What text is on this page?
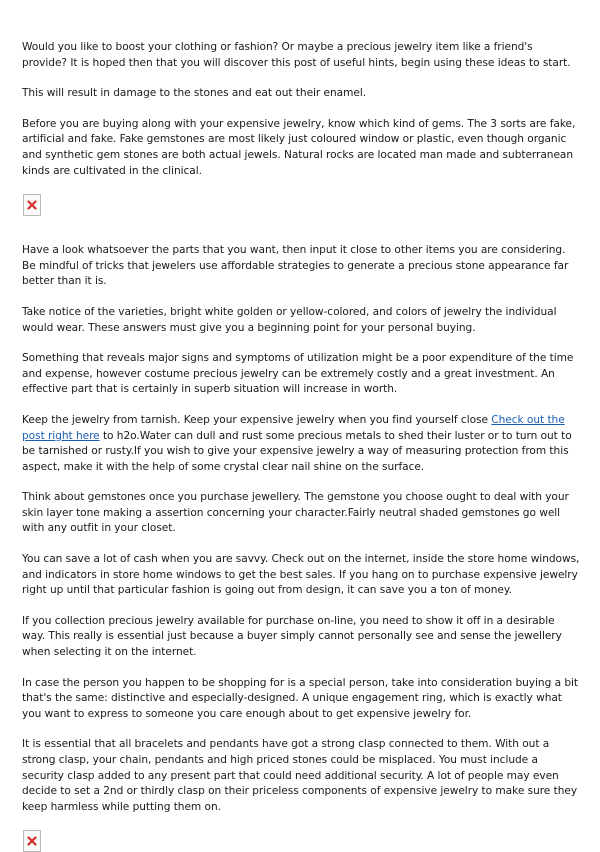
Would you like to boost your clothing or fashion? Or maybe a precious jewelry item like a friend's provide? It is hoped then that you will discover this post of useful hints, begin using these ideas to start.

This will result in damage to the stones and eat out their enamel.

Before you are buying along with your expensive jewelry, know which kind of gems. The 3 sorts are fake, artificial and fake. Fake gemstones are most likely just coloured window or plastic, even though organic and synthetic gem stones are both actual jewels. Natural rocks are located man made and subterranean kinds are cultivated in the clinical.

Have a look whatsoever the parts that you want, then input it close to other items you are considering. Be mindful of tricks that jewelers use affordable strategies to generate a precious stone appearance far better than it is.

Take notice of the varieties, bright white golden or yellow-colored, and colors of jewelry the individual would wear. These answers must give you a beginning point for your personal buying.

Something that reveals major signs and symptoms of utilization might be a poor expenditure of the time and expense, however costume precious jewelry can be extremely costly and a great investment. An effective part that is certainly in superb situation will increase in worth.

Keep the jewelry from tarnish. Keep your expensive jewelry when you find yourself close Check out the post right here to h2o.Water can dull and rust some precious metals to shed their luster or to turn out to be tarnished or rusty.If you wish to give your expensive jewelry a way of measuring protection from this aspect, make it with the help of some crystal clear nail shine on the surface.

Think about gemstones once you purchase jewellery. The gemstone you choose ought to deal with your skin layer tone making a assertion concerning your character.Fairly neutral shaded gemstones go well with any outfit in your closet.

You can save a lot of cash when you are savvy. Check out on the internet, inside the store home windows, and indicators in store home windows to get the best sales. If you hang on to purchase expensive jewelry right up until that particular fashion is going out from design, it can save you a ton of money.

If you collection precious jewelry available for purchase on-line, you need to show it off in a desirable way. This really is essential just because a buyer simply cannot personally see and sense the jewellery when selecting it on the internet.

In case the person you happen to be shopping for is a special person, take into consideration buying a bit that's the same: distinctive and especially-designed. A unique engagement ring, which is exactly what you want to express to someone you care enough about to get expensive jewelry for.

It is essential that all bracelets and pendants have got a strong clasp connected to them. With out a strong clasp, your chain, pendants and high priced stones could be misplaced. You must include a security clasp added to any present part that could need additional security. A lot of people may even decide to set a 2nd or thirdly clasp on their priceless components of expensive jewelry to make sure they keep harmless while putting them on.
